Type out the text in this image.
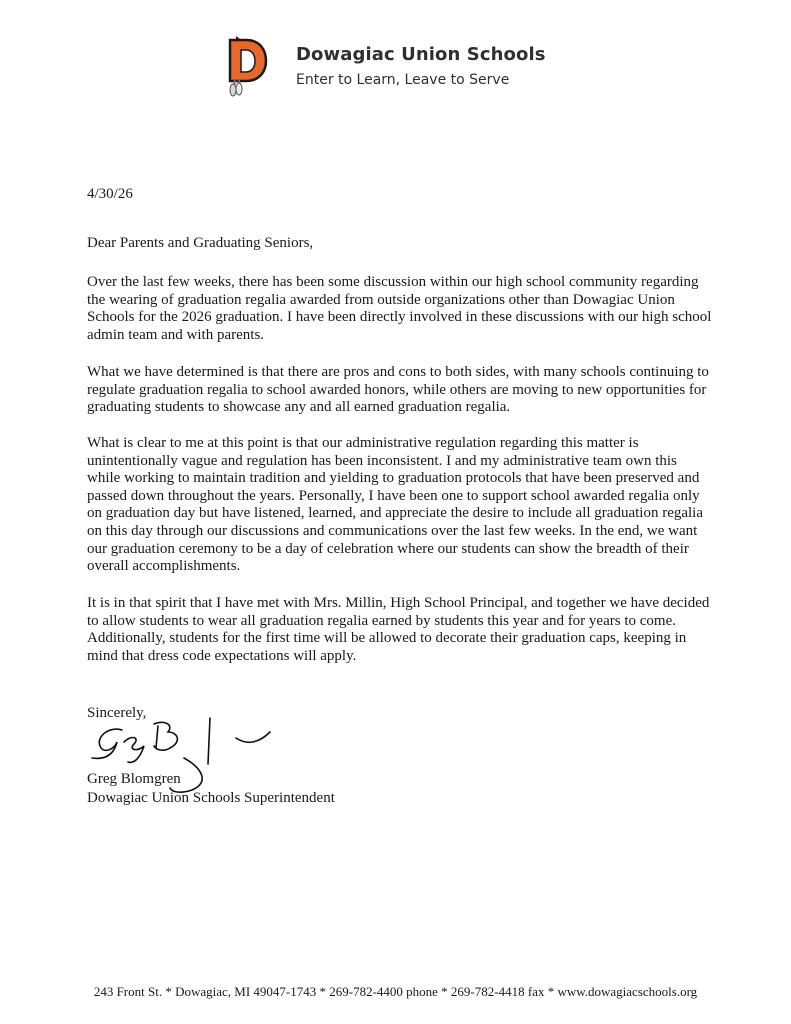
Dowagiac Union Schools
Enter to Learn, Leave to Serve
4/30/26
Dear Parents and Graduating Seniors,
Over the last few weeks, there has been some discussion within our high school community regarding the wearing of graduation regalia awarded from outside organizations other than Dowagiac Union Schools for the 2026 graduation. I have been directly involved in these discussions with our high school admin team and with parents.
What we have determined is that there are pros and cons to both sides, with many schools continuing to regulate graduation regalia to school awarded honors, while others are moving to new opportunities for graduating students to showcase any and all earned graduation regalia.
What is clear to me at this point is that our administrative regulation regarding this matter is unintentionally vague and regulation has been inconsistent. I and my administrative team own this while working to maintain tradition and yielding to graduation protocols that have been preserved and passed down throughout the years. Personally, I have been one to support school awarded regalia only on graduation day but have listened, learned, and appreciate the desire to include all graduation regalia on this day through our discussions and communications over the last few weeks. In the end, we want our graduation ceremony to be a day of celebration where our students can show the breadth of their overall accomplishments.
It is in that spirit that I have met with Mrs. Millin, High School Principal, and together we have decided to allow students to wear all graduation regalia earned by students this year and for years to come. Additionally, students for the first time will be allowed to decorate their graduation caps, keeping in mind that dress code expectations will apply.
Sincerely,
Greg Blomgren
Dowagiac Union Schools Superintendent
243 Front St. * Dowagiac, MI 49047-1743 * 269-782-4400 phone * 269-782-4418 fax * www.dowagiacschools.org
